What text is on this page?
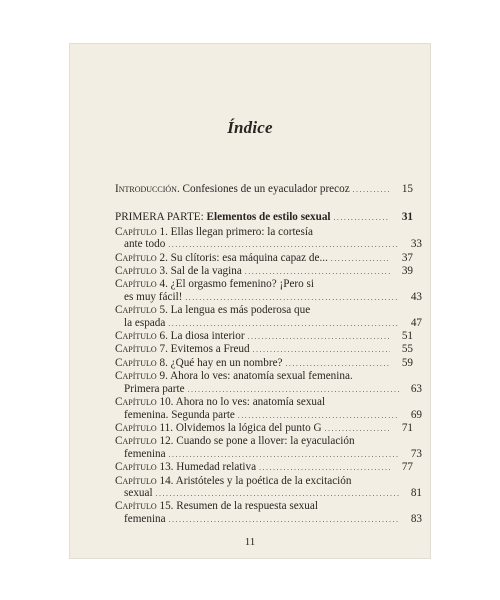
Índice
Introducción. Confesiones de un eyaculador precoz . . .	15
PRIMERA PARTE: Elementos de estilo sexual . . .	31
Capítulo 1. Ellas llegan primero: la cortesía
ante todo . . .	33
Capítulo 2. Su clítoris: esa máquina capaz de... . . .	37
Capítulo 3. Sal de la vagina . . .	39
Capítulo 4. ¿El orgasmo femenino? ¡Pero si
es muy fácil! . . .	43
Capítulo 5. La lengua es más poderosa que
la espada . . .	47
Capítulo 6. La diosa interior . . .	51
Capítulo 7. Evitemos a Freud . . .	55
Capítulo 8. ¿Qué hay en un nombre? . . .	59
Capítulo 9. Ahora lo ves: anatomía sexual femenina.
Primera parte . . .	63
Capítulo 10. Ahora no lo ves: anatomía sexual
femenina. Segunda parte . . .	69
Capítulo 11. Olvidemos la lógica del punto G . . .	71
Capítulo 12. Cuando se pone a llover: la eyaculación
femenina . . .	73
Capítulo 13. Humedad relativa . . .	77
Capítulo 14. Aristóteles y la poética de la excitación
sexual . . .	81
Capítulo 15. Resumen de la respuesta sexual
femenina . . .	83
11
